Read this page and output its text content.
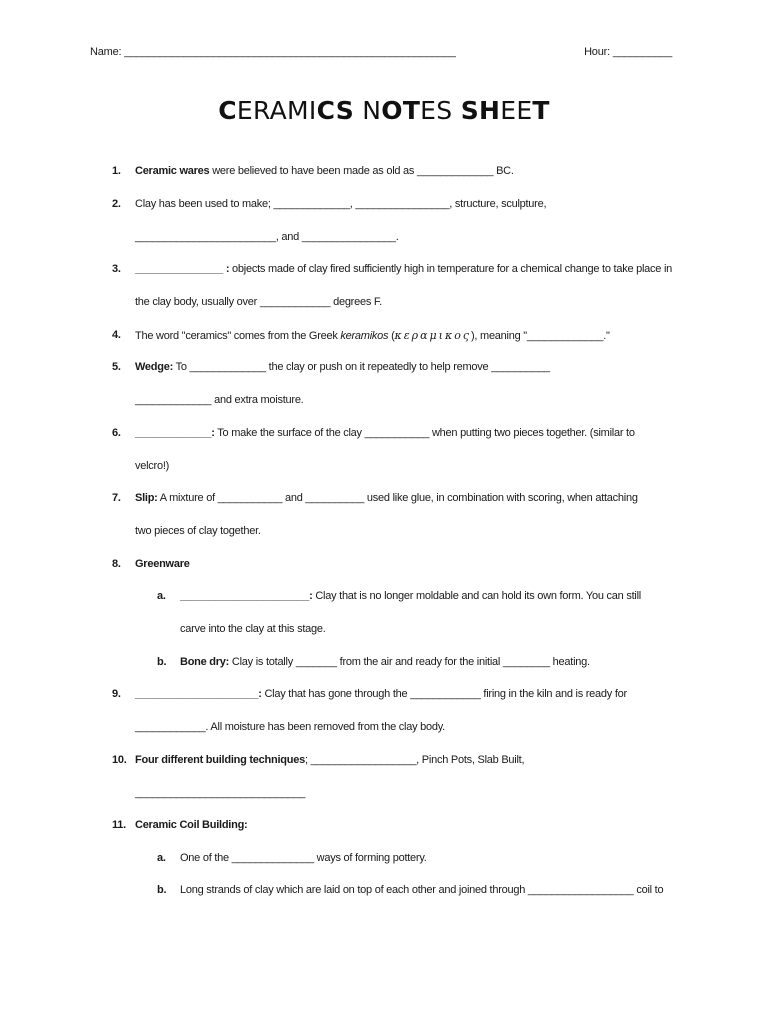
Name: ________________________________________________________	Hour: __________
CERAMICS NOTES SHEET
1. Ceramic wares were believed to have been made as old as _____________ BC.
2. Clay has been used to make; _____________, ________________, structure, sculpture,
________________________, and ________________.
3. _______________ : objects made of clay fired sufficiently high in temperature for a chemical change to take place in
the clay body, usually over ____________ degrees F.
4. The word "ceramics" comes from the Greek keramikos (κεραμικος), meaning "_____________."
5. Wedge: To _____________ the clay or push on it repeatedly to help remove __________
_____________ and extra moisture.
6. _____________: To make the surface of the clay ___________ when putting two pieces together. (similar to
velcro!)
7. Slip: A mixture of ___________ and __________ used like glue, in combination with scoring, when attaching
two pieces of clay together.
8. Greenware
a. ______________________: Clay that is no longer moldable and can hold its own form. You can still
carve into the clay at this stage.
b. Bone dry: Clay is totally _______ from the air and ready for the initial ________ heating.
9. _____________________: Clay that has gone through the ____________ firing in the kiln and is ready for
____________. All moisture has been removed from the clay body.
10. Four different building techniques; __________________, Pinch Pots, Slab Built,
_____________________________
11. Ceramic Coil Building:
a. One of the ______________ ways of forming pottery.
b. Long strands of clay which are laid on top of each other and joined through __________________ coil to
